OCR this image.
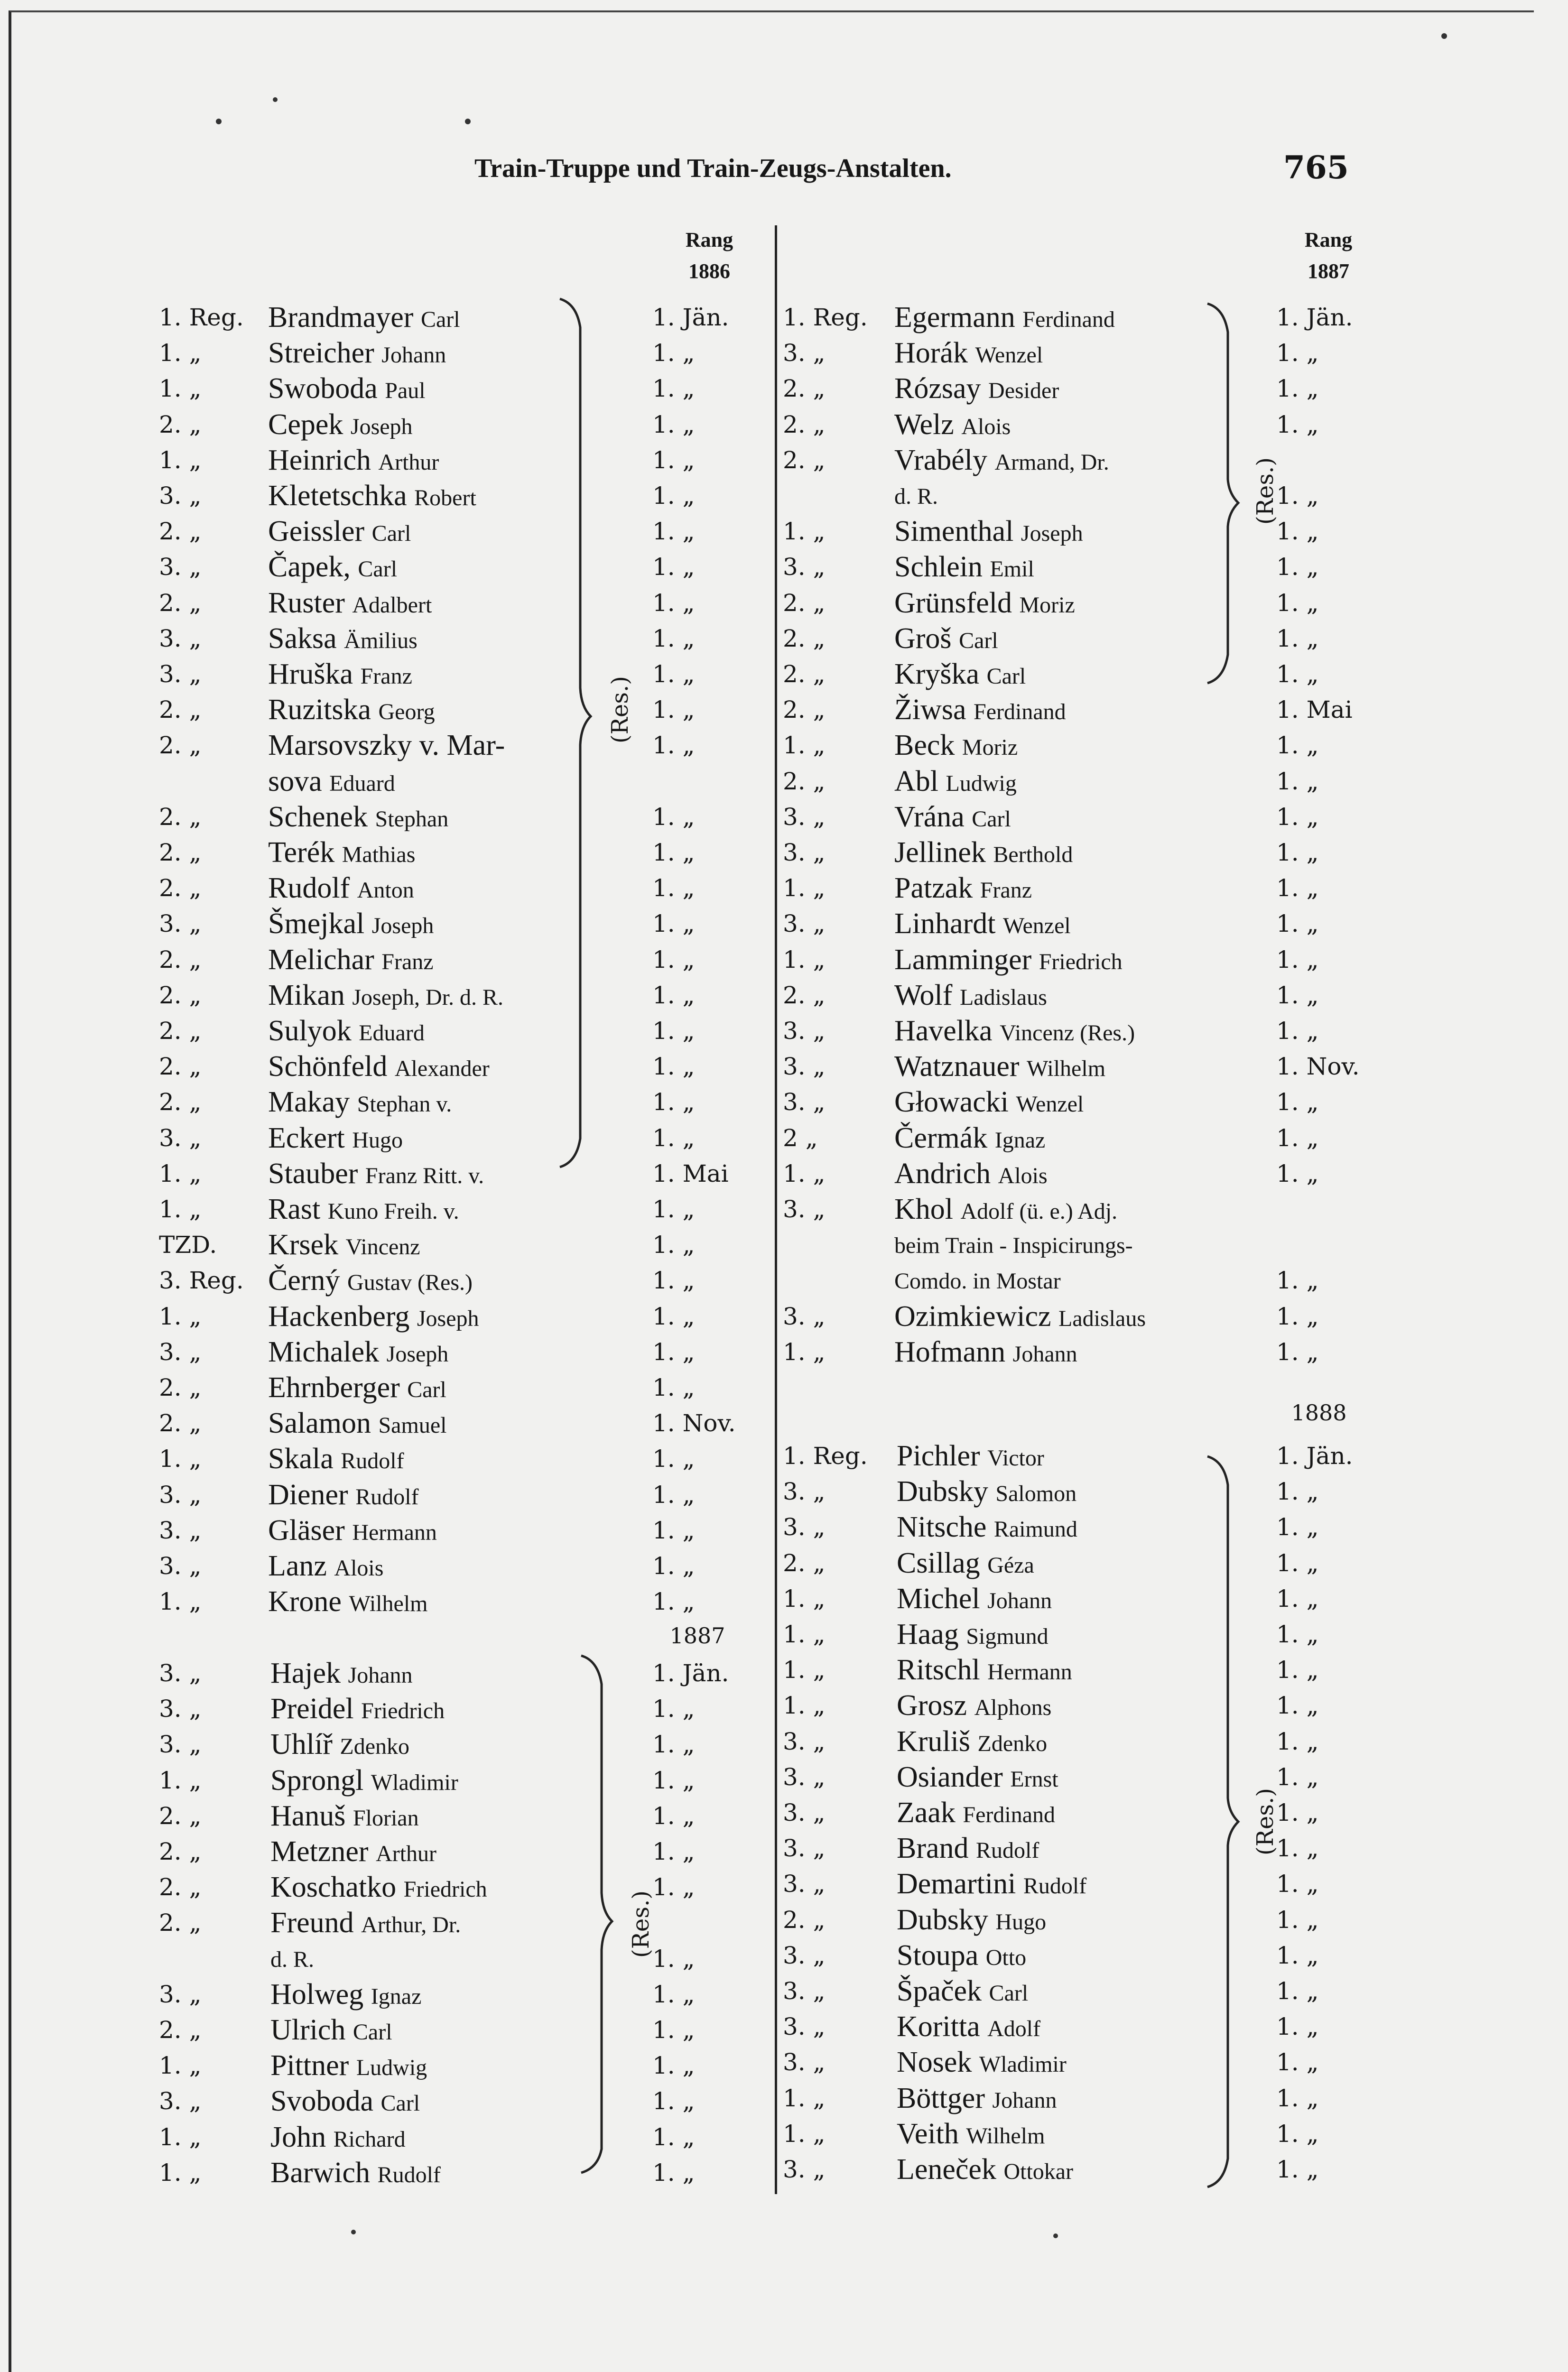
Train-Truppe und Train-Zeugs-Anstalten.	765
Rang
1886
Rang
1887
1887
1888
1. Reg. Brandmayer Carl	1. Jän.
1. „ Streicher Johann	1. „
1. „ Swoboda Paul	1. „
2. „ Cepek Joseph	1. „
1. „ Heinrich Arthur	1. „
3. „ Kletetschka Robert	1. „
2. „ Geissler Carl	1. „
3. „ Čapek, Carl	1. „
2. „ Ruster Adalbert	1. „
3. „ Saksa Ämilius	1. „
3. „ Hruška Franz	1. „
2. „ Ruzitska Georg	1. „
2. „ Marsovszky v. Mar-	1. „
sova Eduard
2. „ Schenek Stephan	1. „
2. „ Terék Mathias	1. „
2. „ Rudolf Anton	1. „
3. „ Šmejkal Joseph	1. „
2. „ Melichar Franz	1. „
2. „ Mikan Joseph, Dr. d. R.	1. „
2. „ Sulyok Eduard	1. „
2. „ Schönfeld Alexander	1. „
2. „ Makay Stephan v.	1. „
3. „ Eckert Hugo	1. „
1. „ Stauber Franz Ritt. v.	1. Mai
1. „ Rast Kuno Freih. v.	1. „
TZD. Krsek Vincenz	1. „
3. Reg. Černý Gustav (Res.)	1. „
1. „ Hackenberg Joseph	1. „
3. „ Michalek Joseph	1. „
2. „ Ehrnberger Carl	1. „
2. „ Salamon Samuel	1. Nov.
1. „ Skala Rudolf	1. „
3. „ Diener Rudolf	1. „
3. „ Gläser Hermann	1. „
3. „ Lanz Alois	1. „
1. „ Krone Wilhelm	1. „
3. „ Hajek Johann	1. Jän.
3. „ Preidel Friedrich	1. „
3. „ Uhlíř Zdenko	1. „
1. „ Sprongl Wladimir	1. „
2. „ Hanuš Florian	1. „
2. „ Metzner Arthur	1. „
2. „ Koschatko Friedrich	1. „
2. „ Freund Arthur, Dr.
d. R.	1. „
3. „ Holweg Ignaz	1. „
2. „ Ulrich Carl	1. „
1. „ Pittner Ludwig	1. „
3. „ Svoboda Carl	1. „
1. „ John Richard	1. „
1. „ Barwich Rudolf	1. „
1. Reg. Egermann Ferdinand	1. Jän.
3. „ Horák Wenzel	1. „
2. „ Rózsay Desider	1. „
2. „ Welz Alois	1. „
2. „ Vrabély Armand, Dr.
d. R.	1. „
1. „ Simenthal Joseph	1. „
3. „ Schlein Emil	1. „
2. „ Grünsfeld Moriz	1. „
2. „ Groš Carl	1. „
2. „ Kryška Carl	1. „
2. „ Žiwsa Ferdinand	1. Mai
1. „ Beck Moriz	1. „
2. „ Abl Ludwig	1. „
3. „ Vrána Carl	1. „
3. „ Jellinek Berthold	1. „
1. „ Patzak Franz	1. „
3. „ Linhardt Wenzel	1. „
1. „ Lamminger Friedrich	1. „
2. „ Wolf Ladislaus	1. „
3. „ Havelka Vincenz (Res.)	1. „
3. „ Watznauer Wilhelm	1. Nov.
3. „ Głowacki Wenzel	1. „
2 „	Čermák Ignaz	1. „
1. „ Andrich Alois	1. „
3. „ Khol Adolf (ü. e.) Adj.
beim Train - Inspicirungs-
Comdo. in Mostar	1. „
3. „ Ozimkiewicz Ladislaus	1. „
1. „ Hofmann Johann	1. „
1. Reg. Pichler Victor	1. Jän.
3. „ Dubsky Salomon	1. „
3. „ Nitsche Raimund	1. „
2. „ Csillag Géza	1. „
1. „ Michel Johann	1. „
1. „ Haag Sigmund	1. „
1. „ Ritschl Hermann	1. „
1. „ Grosz Alphons	1. „
3. „ Kruliš Zdenko	1. „
3. „ Osiander Ernst	1. „
3. „ Zaak Ferdinand	1. „
3. „ Brand Rudolf	1. „
3. „ Demartini Rudolf	1. „
2. „ Dubsky Hugo	1. „
3. „ Stoupa Otto	1. „
3. „ Špaček Carl	1. „
3. „ Koritta Adolf	1. „
3. „ Nosek Wladimir	1. „
1. „ Böttger Johann	1. „
1. „ Veith Wilhelm	1. „
3. „ Leneček Ottokar	1. „
(Res.)
(Res.)
(Res.)
(Res.)
